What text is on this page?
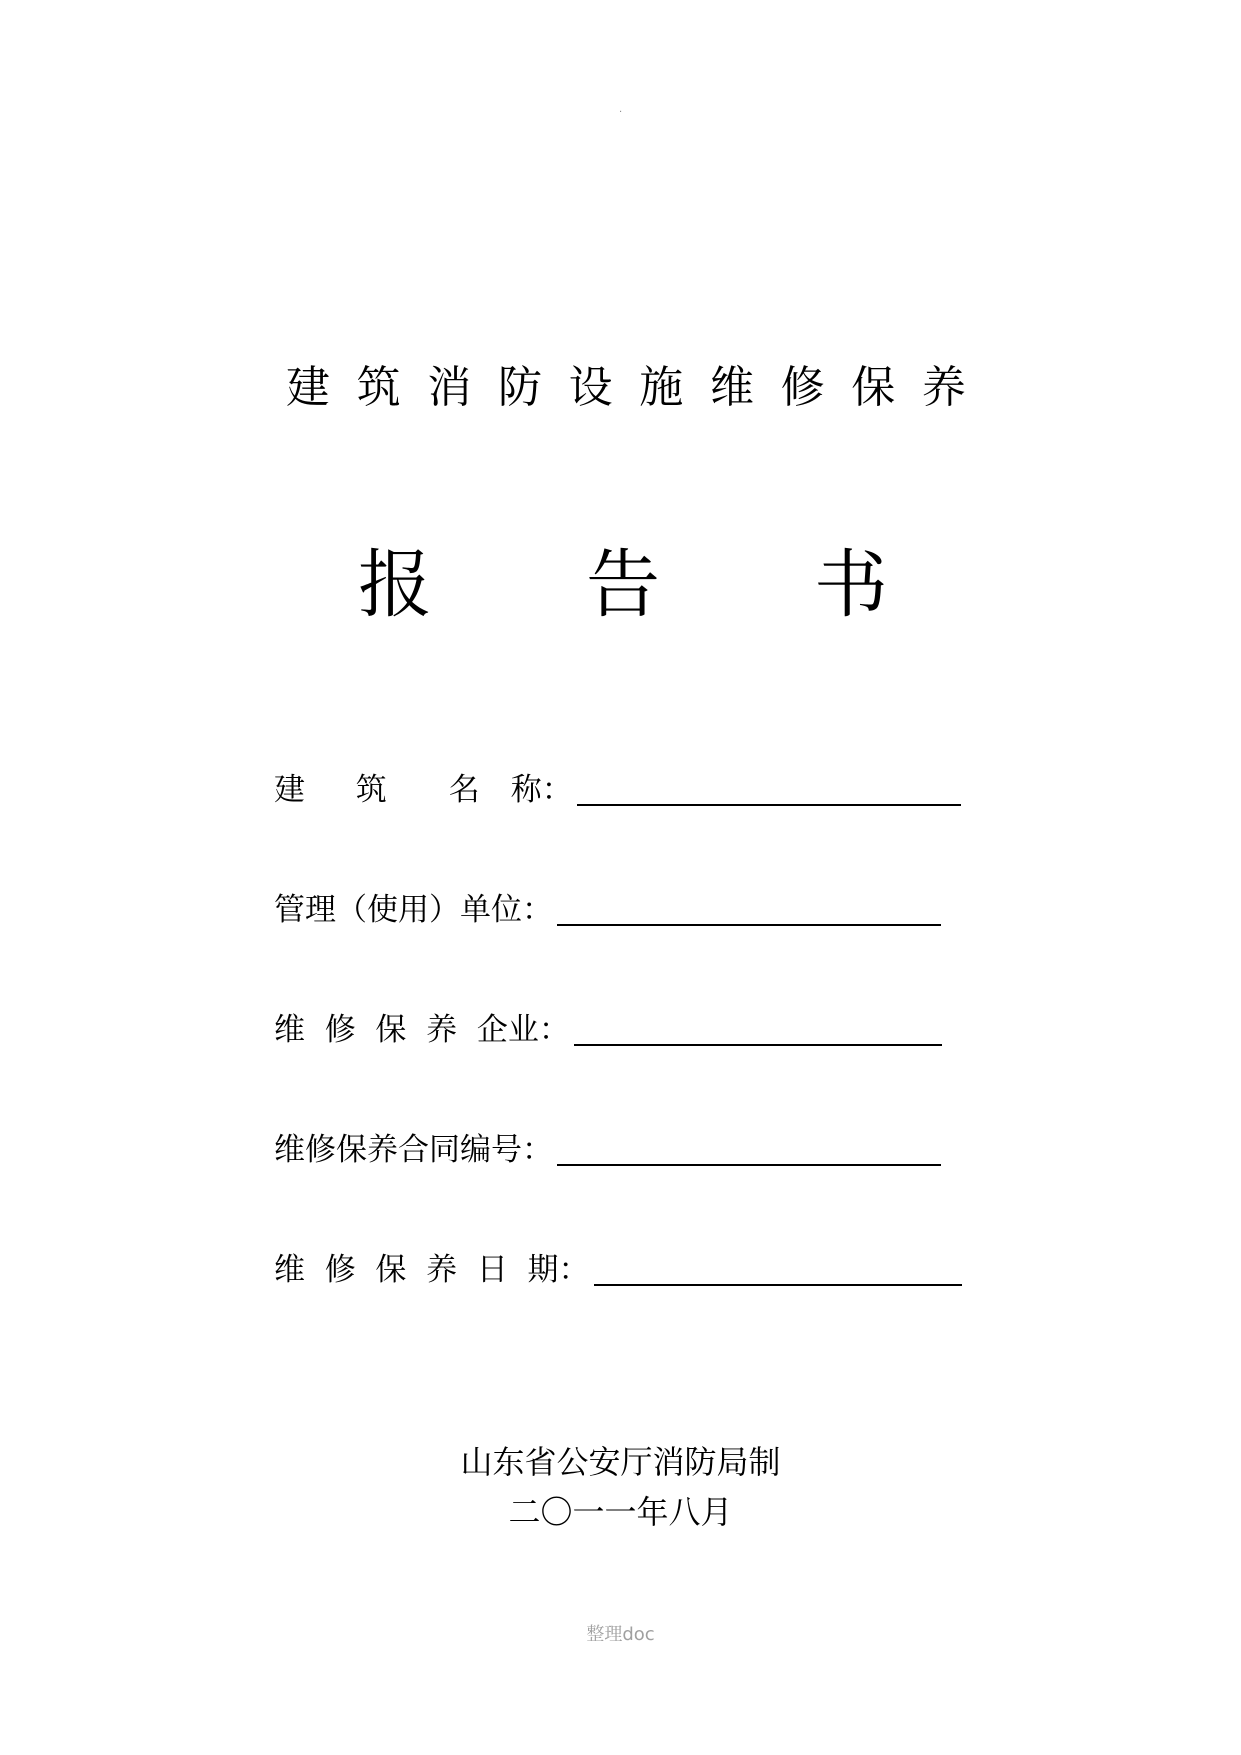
.
建 筑 消 防 设 施 维 修 保 养
报 告 书
建　  筑　　名　称：
管理（使用）单位：
维  修  保  养  企业：
维修保养合同编号：
维  修  保  养  日  期：
山东省公安厅消防局制
二〇一一年八月
整理doc
